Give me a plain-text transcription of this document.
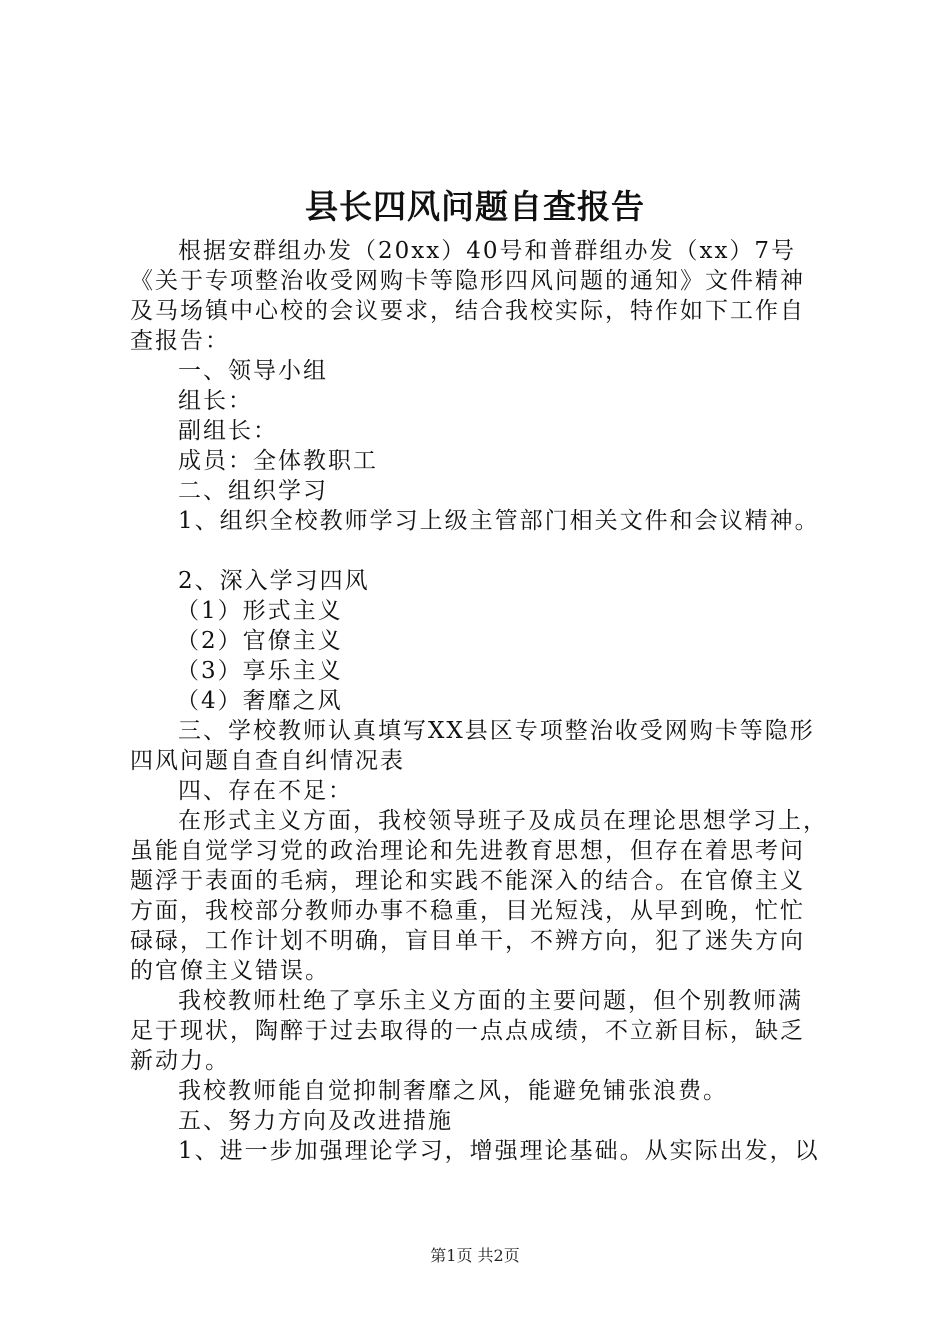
县长四风问题自查报告
根据安群组办发（20xx）40号和普群组办发（xx）7号
《关于专项整治收受网购卡等隐形四风问题的通知》文件精神
及马场镇中心校的会议要求，结合我校实际，特作如下工作自
查报告：
一、领导小组
组长：
副组长：
成员：全体教职工
二、组织学习
1、组织全校教师学习上级主管部门相关文件和会议精神。
2、深入学习四风
（1）形式主义
（2）官僚主义
（3）享乐主义
（4）奢靡之风
三、学校教师认真填写XX县区专项整治收受网购卡等隐形
四风问题自查自纠情况表
四、存在不足：
在形式主义方面，我校领导班子及成员在理论思想学习上，
虽能自觉学习党的政治理论和先进教育思想，但存在着思考问
题浮于表面的毛病，理论和实践不能深入的结合。在官僚主义
方面，我校部分教师办事不稳重，目光短浅，从早到晚，忙忙
碌碌，工作计划不明确，盲目单干，不辨方向，犯了迷失方向
的官僚主义错误。
我校教师杜绝了享乐主义方面的主要问题，但个别教师满
足于现状，陶醉于过去取得的一点点成绩，不立新目标，缺乏
新动力。
我校教师能自觉抑制奢靡之风，能避免铺张浪费。
五、努力方向及改进措施
1、进一步加强理论学习，增强理论基础。从实际出发，以
第1页 共2页
